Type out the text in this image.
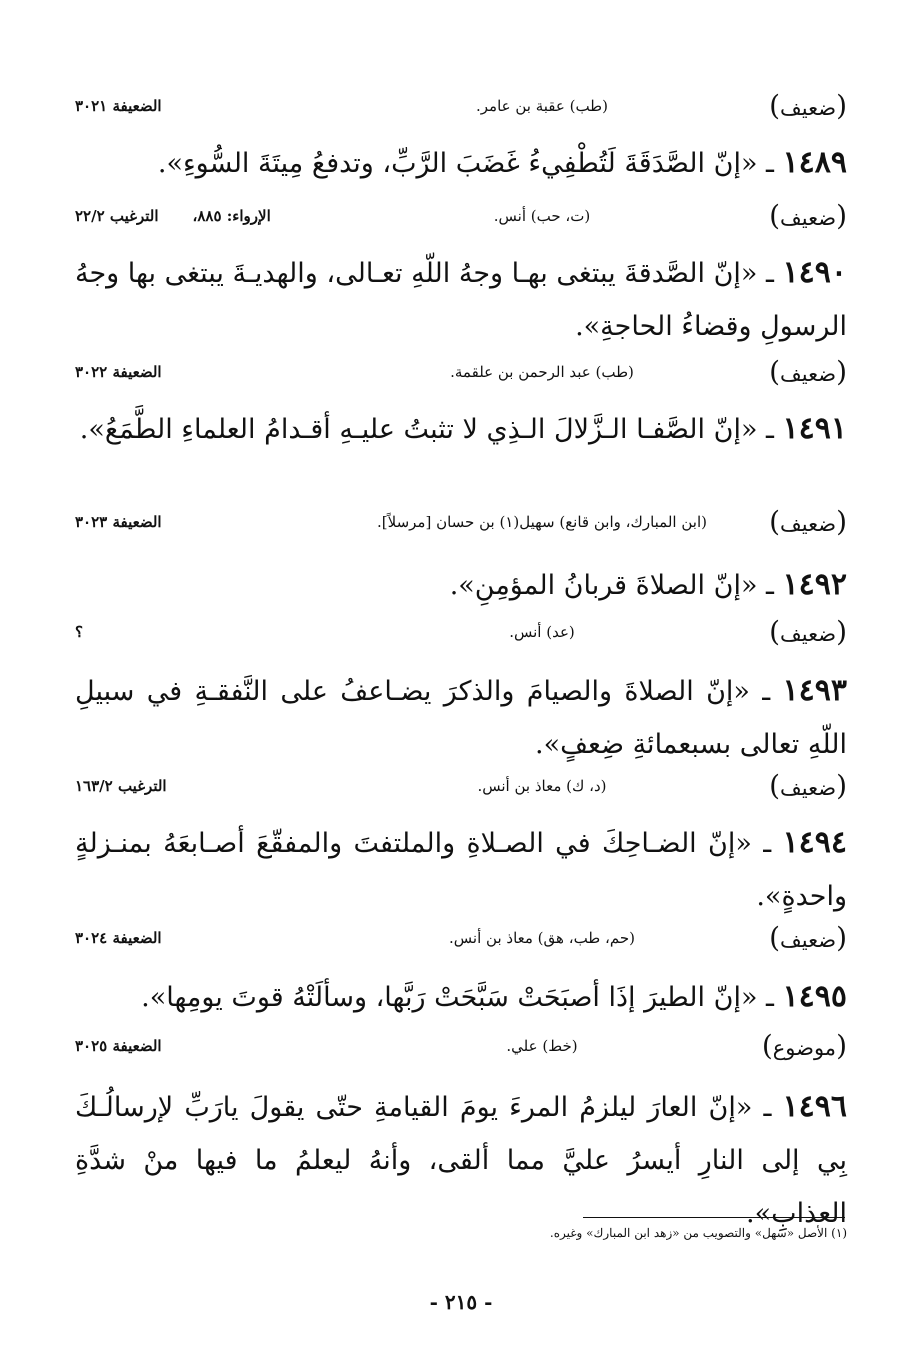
(ضعيف)
(طب) عقبة بن عامر.
الضعيفة ٣٠٢١
١٤٨٩ ـ «إنّ الصَّدَقَةَ لَتُطْفِيءُ غَضَبَ الرَّبِّ، وتدفعُ مِيتَةَ السُّوءِ».
(ضعيف)
(ت، حب) أنس.
الإرواء: ٨٨٥،الترغيب ٢٢/٢
١٤٩٠ ـ «إنّ الصَّدقةَ يبتغى بهـا وجهُ اللّهِ تعـالى، والهديـةَ يبتغى بها وجهُ الرسولِ وقضاءُ الحاجةِ».
(ضعيف)
(طب) عبد الرحمن بن علقمة.
الضعيفة ٣٠٢٢
١٤٩١ ـ «إنّ الصَّفـا الـزَّلالَ الـذِي لا تثبتُ عليـهِ أقـدامُ العلماءِ الطَّمَعُ».
(ضعيف)
(ابن المبارك، وابن قانع) سهيل(١) بن حسان [مرسلاً].
الضعيفة ٣٠٢٣
١٤٩٢ ـ «إنّ الصلاةَ قربانُ المؤمِنِ».
(ضعيف)
(عد) أنس.
؟
١٤٩٣ ـ «إنّ الصلاةَ والصيامَ والذكرَ يضـاعفُ على النَّفقـةِ في سبيلِ اللّهِ تعالى بسبعمائةِ ضِعفٍ».
(ضعيف)
(د، ك) معاذ بن أنس.
الترغيب ١٦٣/٢
١٤٩٤ ـ «إنّ الضـاحِكَ في الصـلاةِ والملتفتَ والمفقّعَ أصـابعَهُ بمنـزلةٍ واحدةٍ».
(ضعيف)
(حم، طب، هق) معاذ بن أنس.
الضعيفة ٣٠٢٤
١٤٩٥ ـ «إنّ الطيرَ إذَا أصبَحَتْ سَبَّحَتْ رَبَّها، وسألَتْهُ قوتَ يومِها».
(موضوع)
(خط) علي.
الضعيفة ٣٠٢٥
١٤٩٦ ـ «إنّ العارَ ليلزمُ المرءَ يومَ القيامةِ حتّى يقولَ يارَبِّ لإرسالُـكَ بِي إلى النارِ أيسرُ عليَّ مما ألقى، وأنهُ ليعلمُ ما فيها منْ شدَّةِ العذابِ».
(١) الأصل «سهل» والتصويب من «زهد ابن المبارك» وغيره.
- ٢١٥ -
